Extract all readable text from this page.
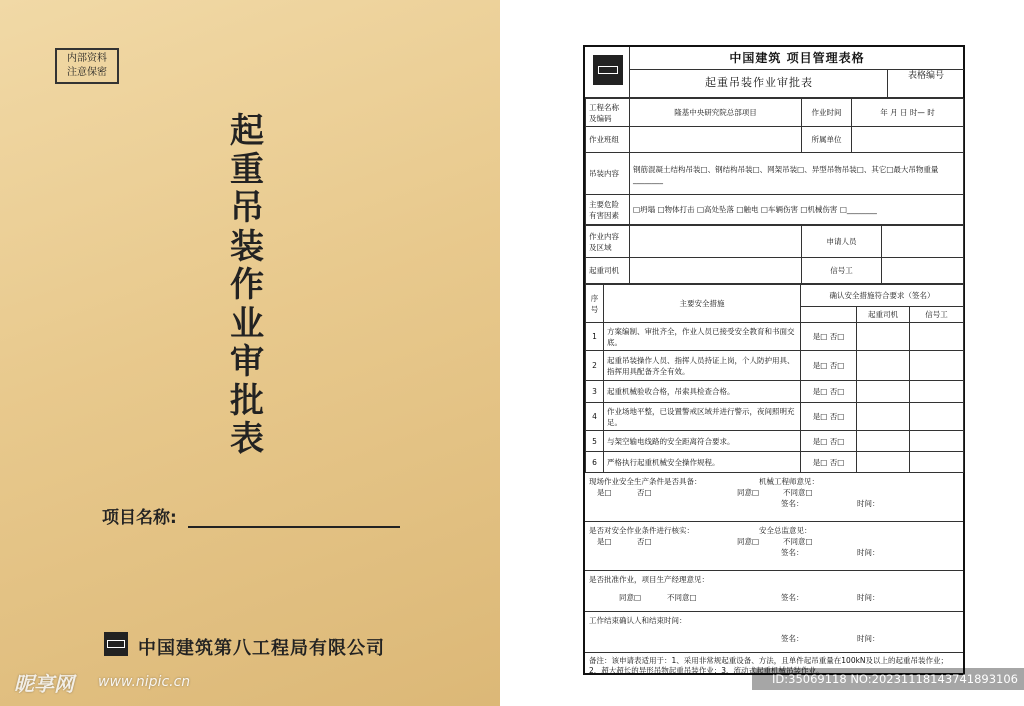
内部资料
注意保密
起重吊装作业审批表
项目名称:
中国建筑第八工程局有限公司
昵享网 www.nipic.cn
中国建筑 项目管理表格
起重吊装作业审批表	表格编号
工程名称及编码	隆基中央研究院总部项目	作业时间	年 月 日 时— 时
作业班组		所属单位	
吊装内容	钢筋混凝土结构吊装□、钢结构吊装□、网架吊装□、异型吊物吊装□、其它□最大吊物重量________		
主要危险有害因素	□坍塌 □物体打击 □高处坠落 □触电 □车辆伤害 □机械伤害 □________		
作业内容及区域		申请人员	
起重司机		信号工	
序号	主要安全措施	确认安全措施符合要求（签名）		
			起重司机	信号工
1	方案编制、审批齐全，作业人员已接受安全教育和书面交底。	是□ 否□		
2	起重吊装操作人员、指挥人员持证上岗，个人防护用具、指挥用具配备齐全有效。	是□ 否□		
3	起重机械验收合格，吊索具检查合格。	是□ 否□		
4	作业场地平整，已设置警戒区域并进行警示，夜间照明充足。	是□ 否□		
5	与架空输电线路的安全距离符合要求。	是□ 否□		
6	严格执行起重机械安全操作规程。	是□ 否□		
现场作业安全生产条件是否具备：	机械工程师意见：
是□	否□	同意□	不同意□
签名：	时间：
是否对安全作业条件进行核实：	安全总监意见：
是□	否□	同意□	不同意□
签名：	时间：
是否批准作业，项目生产经理意见：
同意□	不同意□	签名：	时间：
工作结束确认人和结束时间：
签名：	时间：
备注：该申请表适用于：1、采用非常规起重设备、方法，且单件起吊重量在100kN及以上的起重吊装作业；2、超大超长的异形吊物起重吊装作业；3、流动式起重机械吊装作业。
ID:35069118 NO:20231118143741893106
